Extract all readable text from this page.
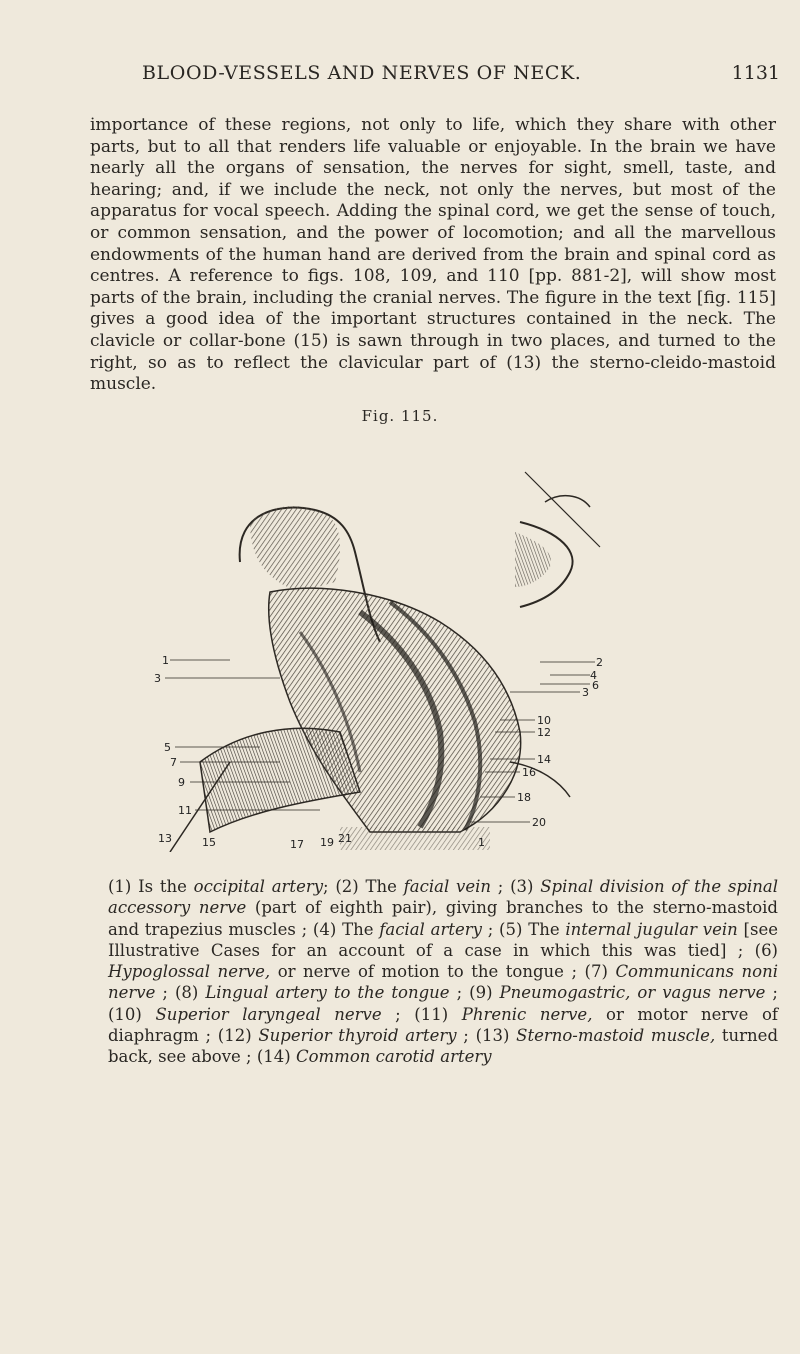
BLOOD-VESSELS AND NERVES OF NECK.	1131

importance of these regions, not only to life, which they share with other parts, but to all that renders life valuable or enjoyable. In the brain we have nearly all the organs of sensation, the nerves for sight, smell, taste, and hearing; and, if we include the neck, not only the nerves, but most of the apparatus for vocal speech. Adding the spinal cord, we get the sense of touch, or common sensation, and the power of locomotion; and all the marvellous endowments of the human hand are derived from the brain and spinal cord as centres. A reference to figs. 108, 109, and 110 [pp. 881-2], will show most parts of the brain, including the cranial nerves. The figure in the text [fig. 115] gives a good idea of the important structures contained in the neck. The clavicle or collar-bone (15) is sawn through in two places, and turned to the right, so as to reflect the clavicular part of (13) the sterno-cleido-mastoid muscle.

Fig. 115.
2
4
6
3
10
12
14
16
18
20
1
3
5
7
9
11
13	15	17 19 21	1

(1) Is the occipital artery; (2) The facial vein ; (3) Spinal division of the spinal accessory nerve (part of eighth pair), giving branches to the sterno-mastoid and trapezius muscles ; (4) The facial artery ; (5) The internal jugular vein [see Illustrative Cases for an account of a case in which this was tied] ; (6) Hypoglossal nerve, or nerve of motion to the tongue ; (7) Communicans noni nerve ; (8) Lingual artery to the tongue ; (9) Pneumogastric, or vagus nerve ; (10) Superior laryngeal nerve ; (11) Phrenic nerve, or motor nerve of diaphragm ; (12) Superior thyroid artery ; (13) Sterno-mastoid muscle, turned back, see above ; (14) Common carotid artery
